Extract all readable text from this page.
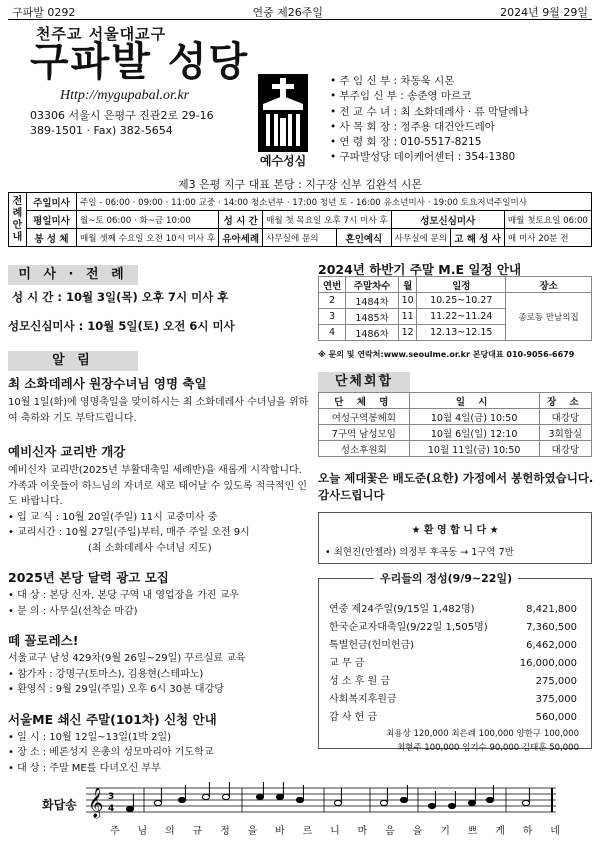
구파발 0292	연중 제26주일	2024년 9월 29일
천주교 서울대교구
구파발 성당
Http://mygupabal.or.kr
03306 서울시 은평구 진관2로 29-16
389-1501 · Fax) 382-5654
예수성심
• 주 임 신 부 : 차동욱 시몬
• 부주임 신 부 : 송준영 마르코
• 전 교 수 녀 : 최 소화데레사 · 류 막달레나
• 사 목 회 장 : 정주용 대건안드레아
• 연 령 회 장 : 010-5517-8215
• 구파발성당 데이케어센터 : 354-1380
제3 은평 지구 대표 본당 : 지구장 신부 김완석 시몬
전례안내	주일미사	주일 - 06:00 · 09:00 · 11:00 교중 · 14:00 청소년부 · 17:00 청년 토 - 16:00 유소년미사 · 19:00 토요저녁주일미사						
	평일미사	월~토 06:00 · 화~금 10:00	성 시 간	매월 첫 목요일 오후 7시 미사 후		성모신심미사		매월 첫토요일 06:00
	봉 성 체	매월 셋째 수요일 오전 10시 미사 후	유아세례	사무실에 문의	혼인예식	사무실에 문의	고 해 성 사	매 미사 20분 전
미 사 · 전 례
성 시 간 : 10월 3일(목) 오후 7시 미사 후
성모신심미사 : 10월 5일(토) 오전 6시 미사
알 림
최 소화데레사 원장수녀님 영명 축일
10월 1일(화)에 영명축일을 맞이하시는 최 소화데레사 수녀님을 위하여 축하와 기도 부탁드립니다.
예비신자 교리반 개강
예비신자 교리반(2025년 부활대축일 세례반)을 새롭게 시작합니다. 가족과 이웃들이 하느님의 자녀로 새로 태어날 수 있도록 적극적인 인도 바랍니다.
• 입 교 식 : 10월 20일(주일) 11시 교중미사 중
• 교리시간 : 10월 27일(주일)부터, 매주 주일 오전 9시
(최 소화데레사 수녀님 지도)
2025년 본당 달력 광고 모집
• 대 상 : 본당 신자, 본당 구역 내 영업장을 가진 교우
• 문 의 : 사무실(선착순 마감)
떼 꼴로레스!
서울교구 남성 429차(9월 26일~29일) 꾸르실료 교육
• 참가자 : 강명구(토마스), 김용현(스테파노)
• 환영식 : 9월 29일(주일) 오후 6시 30분 대강당
서울ME 쇄신 주말(101차) 신청 안내
• 일 시 : 10월 12일~13일(1박 2일)
• 장 소 : 베론성지 은총의 성모마리아 기도학교
• 대 상 : 주말 ME를 다녀오신 부부
2024년 하반기 주말 M.E 일정 안내
연번	주말차수	월	일정	장소
2	1484차	10	10.25~10.27	종로동 만남의집
3	1485차	11	11.22~11.24	
4	1486차	12	12.13~12.15	
※ 문의 및 연락처:www.seoulme.or.kr 본당대표 010-9056-6679
단체회합
단 체 명	일 시	장 소
여성구역봉헤회	10월 4일(금) 10:50	대강당
7구역 남성모임	10월 6일(일) 12:10	3회합실
성소후원회	10월 11일(금) 10:50	대강당
오늘 제대꽃은 배도준(요한) 가정에서 봉헌하였습니다. 감사드립니다
★ 환 영 합 니 다 ★
• 최현진(안젤라) 의정부 후곡동 → 1구역 7반
연중 제24주일(9/15일 1,482명)	8,421,800
한국순교자대축일(9/22일 1,505명)	7,360,500
특별헌금(헌미헌금)	6,462,000
교 무 금	16,000,000
성 소 후 원 금	275,000
사회복지후원금	375,000
감 사 헌 금	560,000
최용상 120,000 최은례 100,000 양한구 100,000
최현주 100,000 임기수 90,000 김태훈 50,000
우리들의 정성(9/9~22일)
화답송 𝄞 3
4
주 님 의 규 정 을 바 르 니 마 음 을 기 쁘 게 하 네
